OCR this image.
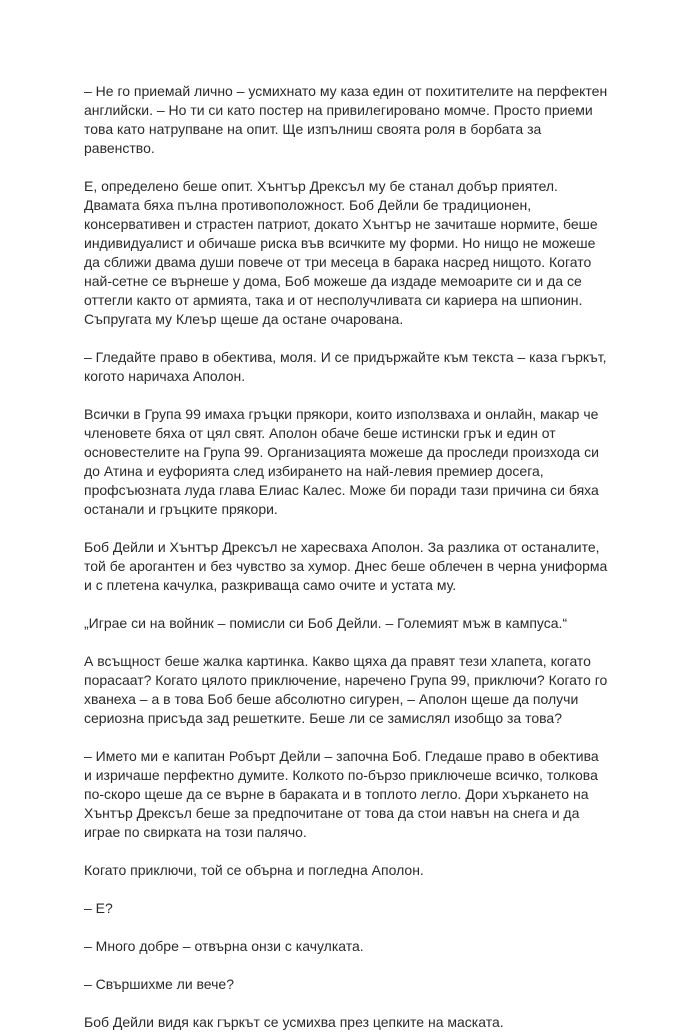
– Не го приемай лично – усмихнато му каза един от похитителите на перфектен
английски. – Но ти си като постер на привилегировано момче. Просто приеми
това като натрупване на опит. Ще изпълниш своята роля в борбата за
равенство.

Е, определено беше опит. Хънтър Дрексъл му бе станал добър приятел.
Двамата бяха пълна противоположност. Боб Дейли бе традиционен,
консервативен и страстен патриот, докато Хънтър не зачиташе нормите, беше
индивидуалист и обичаше риска във всичките му форми. Но нищо не можеше
да сближи двама души повече от три месеца в барака насред нищото. Когато
най-сетне се върнеше у дома, Боб можеше да издаде мемоарите си и да се
оттегли както от армията, така и от несполучливата си кариера на шпионин.
Съпругата му Клеър щеше да остане очарована.

– Гледайте право в обектива, моля. И се придържайте към текста – каза гъркът,
когото наричаха Аполон.

Всички в Група 99 имаха гръцки прякори, които използваха и онлайн, макар че
членовете бяха от цял свят. Аполон обаче беше истински грък и един от
основестелите на Група 99. Организацията можеше да проследи произхода си
до Атина и еуфорията след избирането на най-левия премиер досега,
профсъюзната луда глава Елиас Калес. Може би поради тази причина си бяха
останали и гръцките прякори.

Боб Дейли и Хънтър Дрексъл не харесваха Аполон. За разлика от останалите,
той бе арогантен и без чувство за хумор. Днес беше облечен в черна униформа
и с плетена качулка, разкриваща само очите и устата му.

„Играе си на войник – помисли си Боб Дейли. – Големият мъж в кампуса.“

А всъщност беше жалка картинка. Какво щяха да правят тези хлапета, когато
порасаат? Когато цялото приключение, наречено Група 99, приключи? Когато го
хванеха – а в това Боб беше абсолютно сигурен, – Аполон щеше да получи
сериозна присъда зад решетките. Беше ли се замислял изобщо за това?

– Името ми е капитан Робърт Дейли – започна Боб. Гледаше право в обектива
и изричаше перфектно думите. Колкото по-бързо приключеше всичко, толкова
по-скоро щеше да се върне в бараката и в топлото легло. Дори хъркането на
Хънтър Дрексъл беше за предпочитане от това да стои навън на снега и да
играе по свирката на този палячо.

Когато приключи, той се обърна и погледна Аполон.

– Е?

– Много добре – отвърна онзи с качулката.

– Свършихме ли вече?

Боб Дейли видя как гъркът се усмихва през цепките на маската.
